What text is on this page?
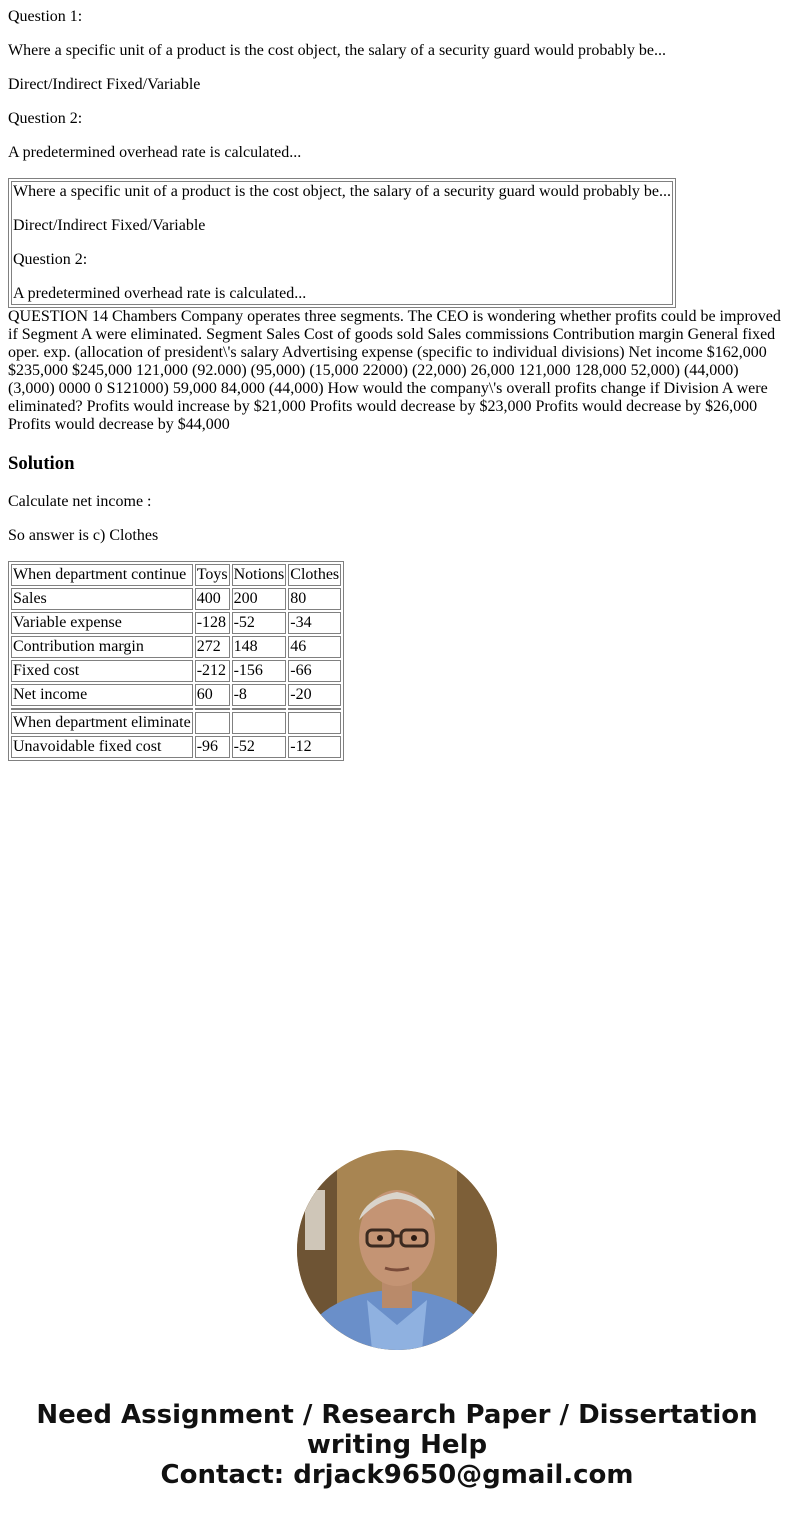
Question 1:

Where a specific unit of a product is the cost object, the salary of a security guard would probably be...

Direct/Indirect Fixed/Variable

Question 2:

A predetermined overhead rate is calculated...

Where a specific unit of a product is the cost object, the salary of a security guard would probably be...

Direct/Indirect Fixed/Variable

Question 2:

A predetermined overhead rate is calculated...

QUESTION 14 Chambers Company operates three segments. The CEO is wondering whether profits could be improved if Segment A were eliminated. Segment Sales Cost of goods sold Sales commissions Contribution margin General fixed oper. exp. (allocation of president\'s salary Advertising expense (specific to individual divisions) Net income $162,000 $235,000 $245,000 121,000 (92.000) (95,000) (15,000 22000) (22,000) 26,000 121,000 128,000 52,000) (44,000) (3,000) 0000 0 S121000) 59,000 84,000 (44,000) How would the company\'s overall profits change if Division A were eliminated? Profits would increase by $21,000 Profits would decrease by $23,000 Profits would decrease by $26,000 Profits would decrease by $44,000
Solution

Calculate net income :

So answer is c) Clothes

When department continue	Toys	Notions	Clothes
Sales	400	200	80
Variable expense	-128	-52	-34
Contribution margin	272	148	46
Fixed cost	-212	-156	-66
Net income	60	-8	-20

When department eliminate			
Unavoidable fixed cost	-96	-52	-12
Need Assignment / Research Paper / Dissertation
writing Help
Contact: drjack9650@gmail.com
